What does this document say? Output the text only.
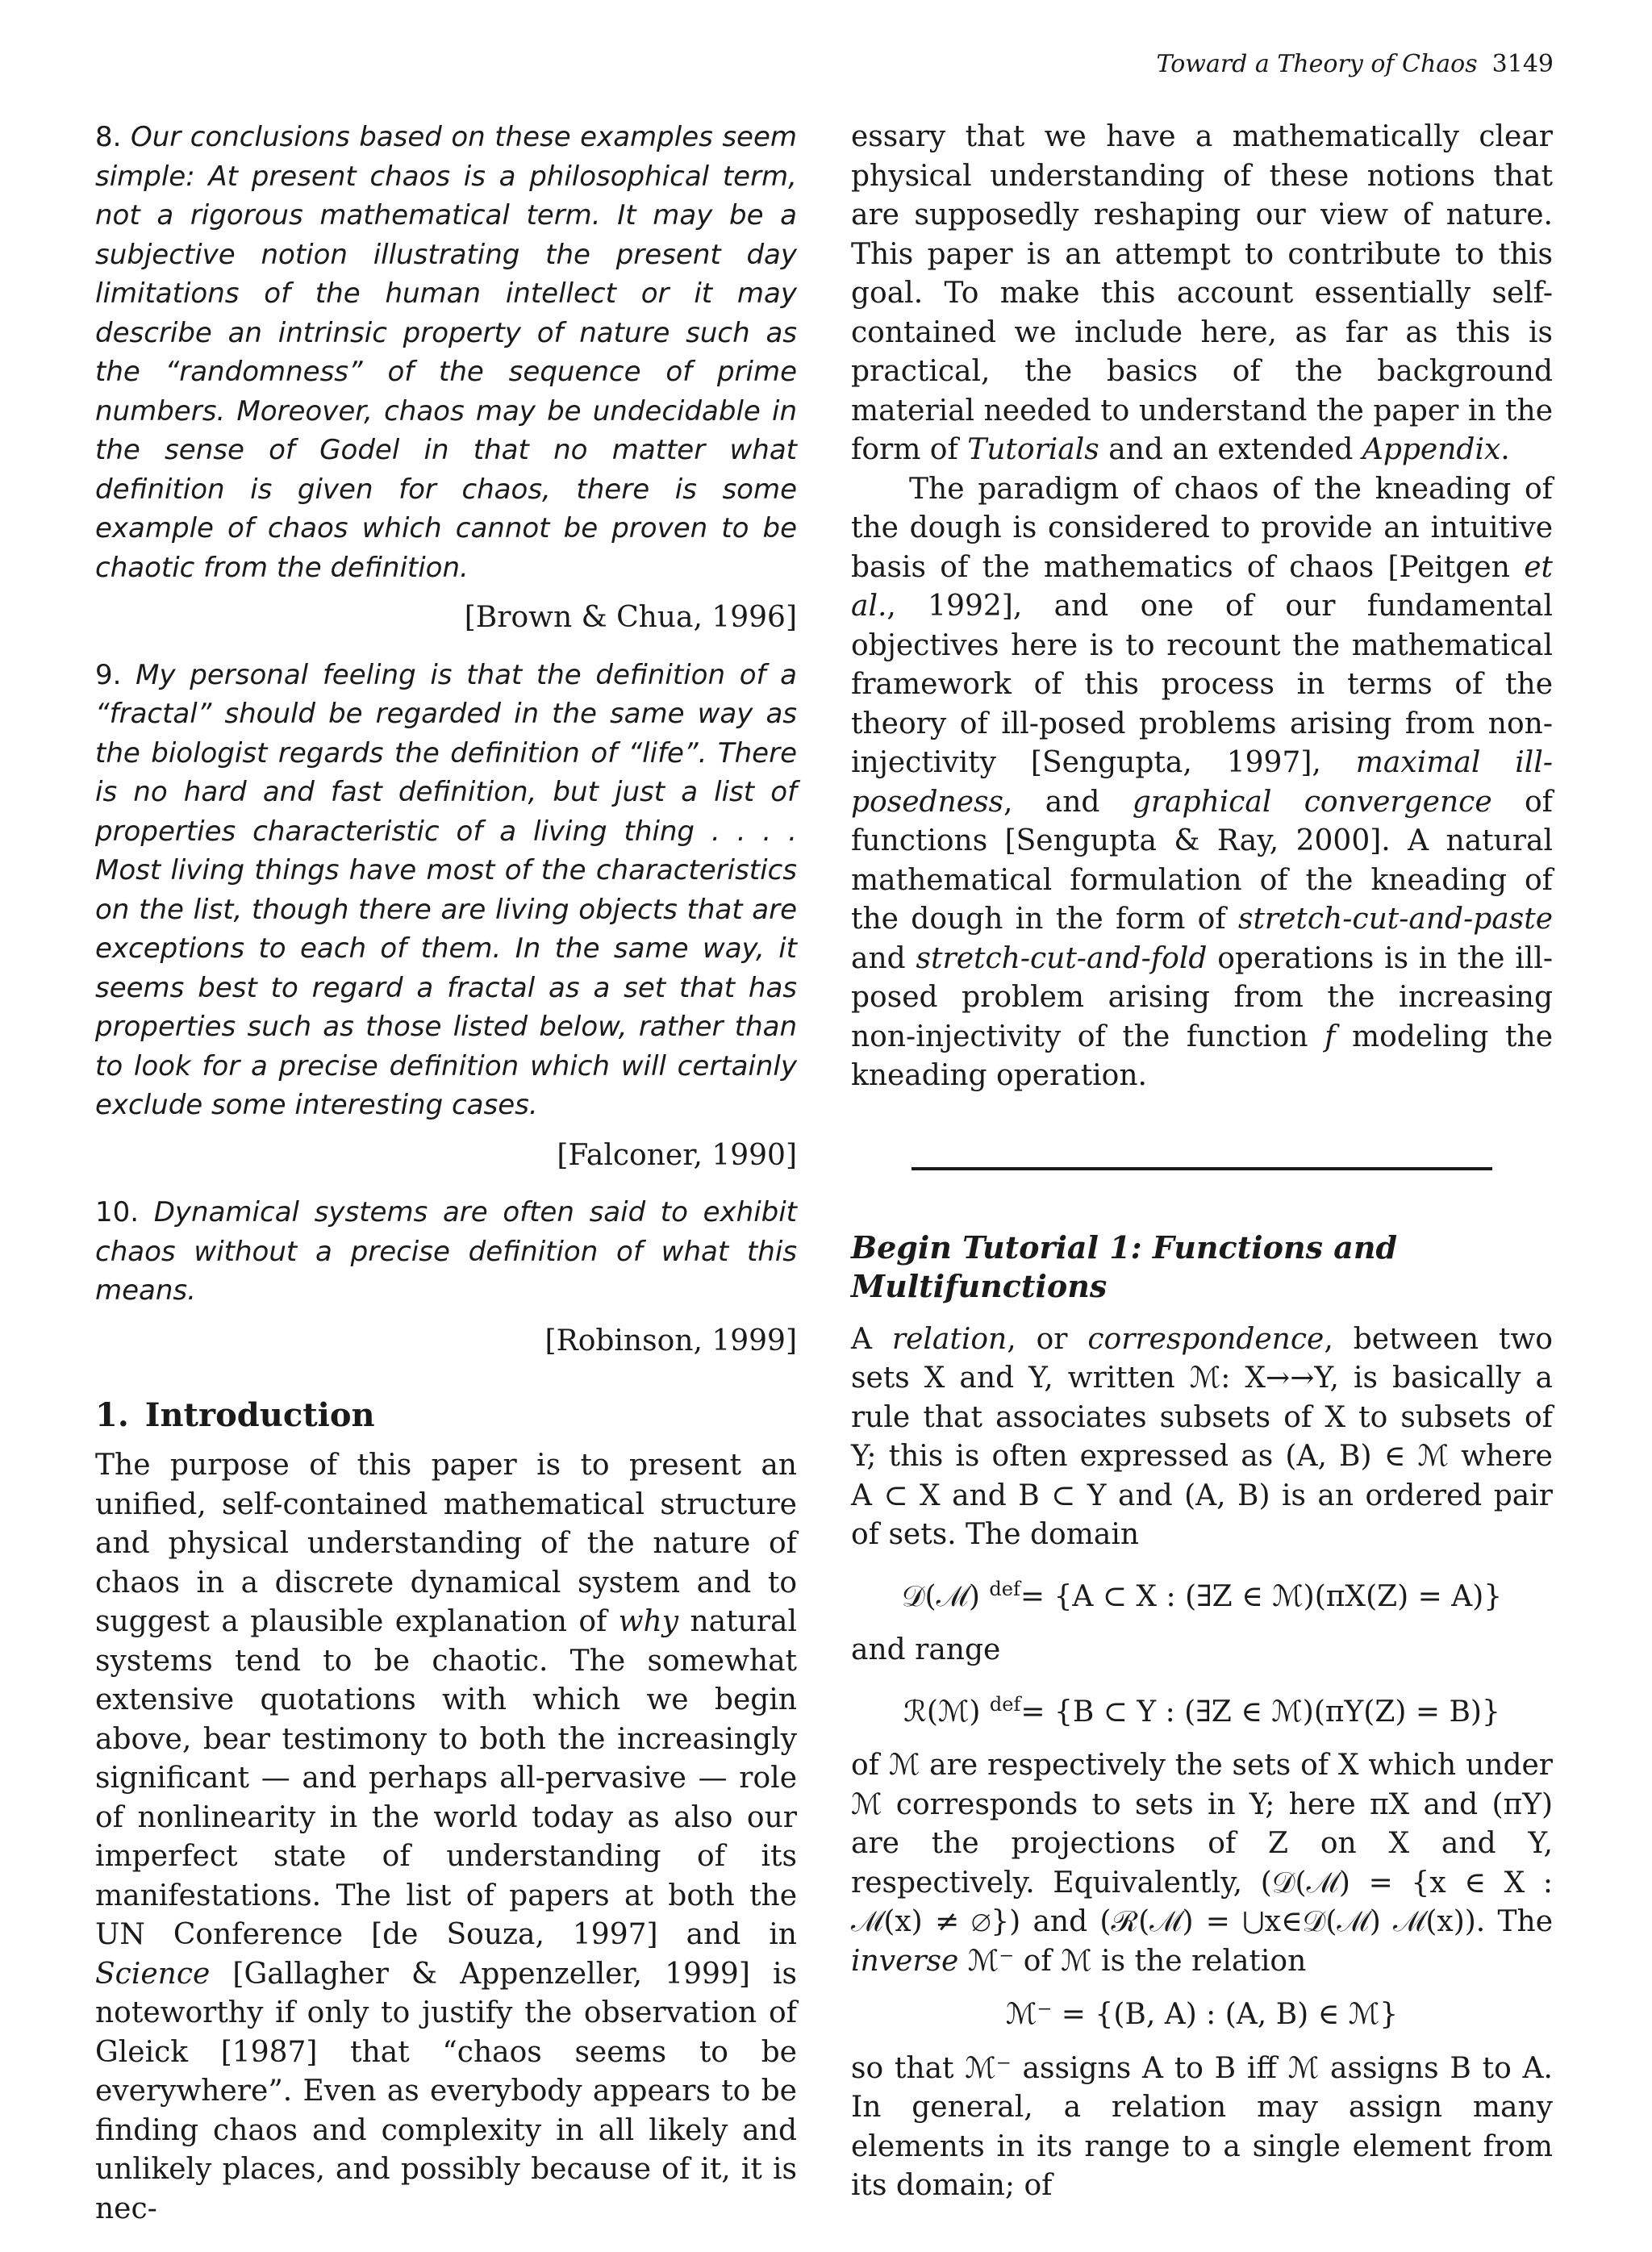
Toward a Theory of Chaos 3149

8. Our conclusions based on these examples seem simple: At present chaos is a philosophical term, not a rigorous mathematical term. It may be a subjective notion illustrating the present day limitations of the human intellect or it may describe an intrinsic property of nature such as the “randomness” of the sequence of prime numbers. Moreover, chaos may be undecidable in the sense of Godel in that no matter what definition is given for chaos, there is some example of chaos which cannot be proven to be chaotic from the definition.

[Brown & Chua, 1996]

9. My personal feeling is that the definition of a “fractal” should be regarded in the same way as the biologist regards the definition of “life”. There is no hard and fast definition, but just a list of properties characteristic of a living thing . . . . Most living things have most of the characteristics on the list, though there are living objects that are exceptions to each of them. In the same way, it seems best to regard a fractal as a set that has properties such as those listed below, rather than to look for a precise definition which will certainly exclude some interesting cases.

[Falconer, 1990]

10. Dynamical systems are often said to exhibit chaos without a precise definition of what this means.

[Robinson, 1999]

1. Introduction

The purpose of this paper is to present an unified, self-contained mathematical structure and physical understanding of the nature of chaos in a discrete dynamical system and to suggest a plausible explanation of why natural systems tend to be chaotic. The somewhat extensive quotations with which we begin above, bear testimony to both the increasingly significant — and perhaps all-pervasive — role of nonlinearity in the world today as also our imperfect state of understanding of its manifestations. The list of papers at both the UN Conference [de Souza, 1997] and in Science [Gallagher & Appenzeller, 1999] is noteworthy if only to justify the observation of Gleick [1987] that “chaos seems to be everywhere”. Even as everybody appears to be finding chaos and complexity in all likely and unlikely places, and possibly because of it, it is nec-

essary that we have a mathematically clear physical understanding of these notions that are supposedly reshaping our view of nature. This paper is an attempt to contribute to this goal. To make this account essentially self-contained we include here, as far as this is practical, the basics of the background material needed to understand the paper in the form of Tutorials and an extended Appendix.

The paradigm of chaos of the kneading of the dough is considered to provide an intuitive basis of the mathematics of chaos [Peitgen et al., 1992], and one of our fundamental objectives here is to recount the mathematical framework of this process in terms of the theory of ill-posed problems arising from non-injectivity [Sengupta, 1997], maximal ill-posedness, and graphical convergence of functions [Sengupta & Ray, 2000]. A natural mathematical formulation of the kneading of the dough in the form of stretch-cut-and-paste and stretch-cut-and-fold operations is in the ill-posed problem arising from the increasing non-injectivity of the function f modeling the kneading operation.

Begin Tutorial 1: Functions and Multifunctions

A relation, or correspondence, between two sets X and Y, written ℳ: X→→Y, is basically a rule that associates subsets of X to subsets of Y; this is often expressed as (A, B) ∈ ℳ where A ⊂ X and B ⊂ Y and (A, B) is an ordered pair of sets. The domain

𝒟(ℳ) $^{def}$= {A ⊂ X : (∃Z ∈ ℳ)(πX(Z) = A)}

and range

ℛ(ℳ) $^{def}$= {B ⊂ Y : (∃Z ∈ ℳ)(πY(Z) = B)}

of ℳ are respectively the sets of X which under ℳ corresponds to sets in Y; here πX and (πY) are the projections of Z on X and Y, respectively. Equivalently, (𝒟(ℳ) = {x ∈ X : ℳ(x) ≠ ∅}) and (ℛ(ℳ) = ⋃x∈𝒟(ℳ) ℳ(x)). The inverse ℳ⁻ of ℳ is the relation

ℳ⁻ = {(B, A) : (A, B) ∈ ℳ}

so that ℳ⁻ assigns A to B iff ℳ assigns B to A. In general, a relation may assign many elements in its range to a single element from its domain; of
